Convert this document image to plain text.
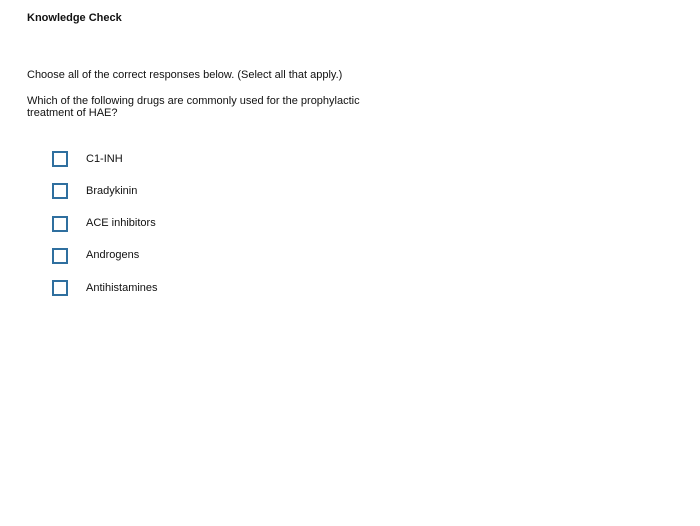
Knowledge Check
Choose all of the correct responses below. (Select all that apply.)
Which of the following drugs are commonly used for the prophylactic treatment of HAE?
C1-INH
Bradykinin
ACE inhibitors
Androgens
Antihistamines
